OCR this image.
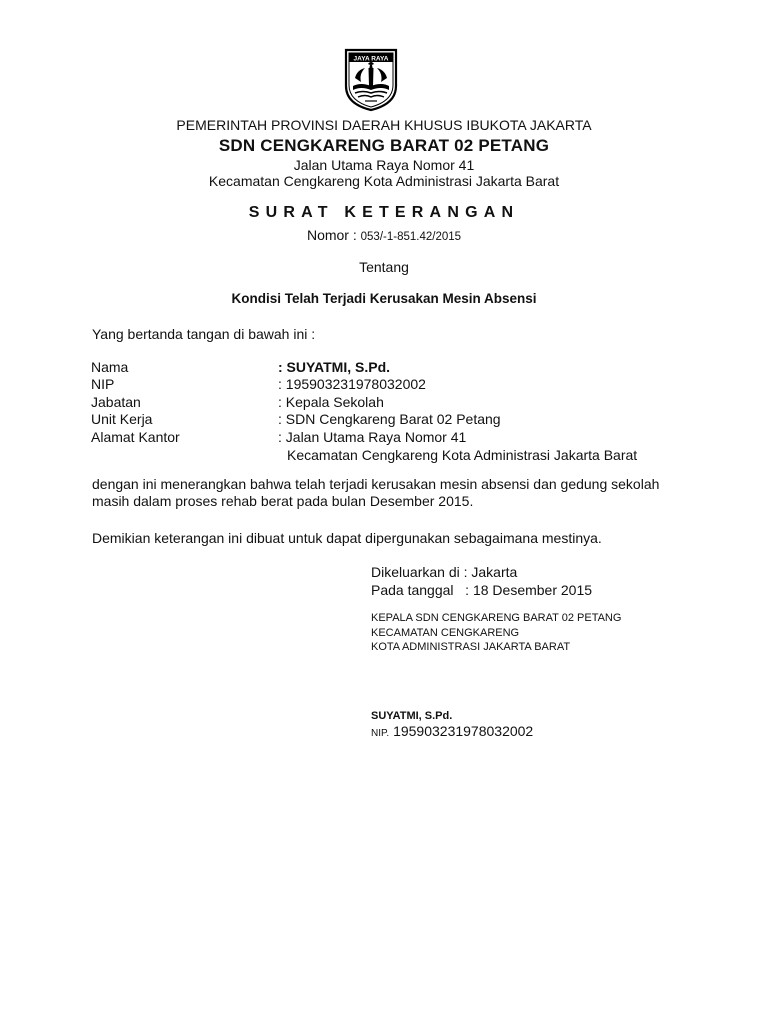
JAYA RAYA
PEMERINTAH PROVINSI DAERAH KHUSUS IBUKOTA JAKARTA
SDN CENGKARENG BARAT 02 PETANG
Jalan Utama Raya Nomor 41
Kecamatan Cengkareng Kota Administrasi Jakarta Barat
SURAT KETERANGAN
Nomor : 053/-1-851.42/2015
Tentang
Kondisi Telah Terjadi Kerusakan Mesin Absensi
Yang bertanda tangan di bawah ini :
Nama	: SUYATMI, S.Pd.
NIP	: 195903231978032002
Jabatan	: Kepala Sekolah
Unit Kerja	: SDN Cengkareng Barat 02 Petang
Alamat Kantor	: Jalan Utama Raya Nomor 41
Kecamatan Cengkareng Kota Administrasi Jakarta Barat
dengan ini menerangkan bahwa telah terjadi kerusakan mesin absensi dan gedung sekolah
masih dalam proses rehab berat pada bulan Desember 2015.
Demikian keterangan ini dibuat untuk dapat dipergunakan sebagaimana mestinya.
Dikeluarkan di : Jakarta
Pada tanggal   : 18 Desember 2015
KEPALA SDN CENGKARENG BARAT 02 PETANG
KECAMATAN CENGKARENG
KOTA ADMINISTRASI JAKARTA BARAT
SUYATMI, S.Pd.
NIP. 195903231978032002
